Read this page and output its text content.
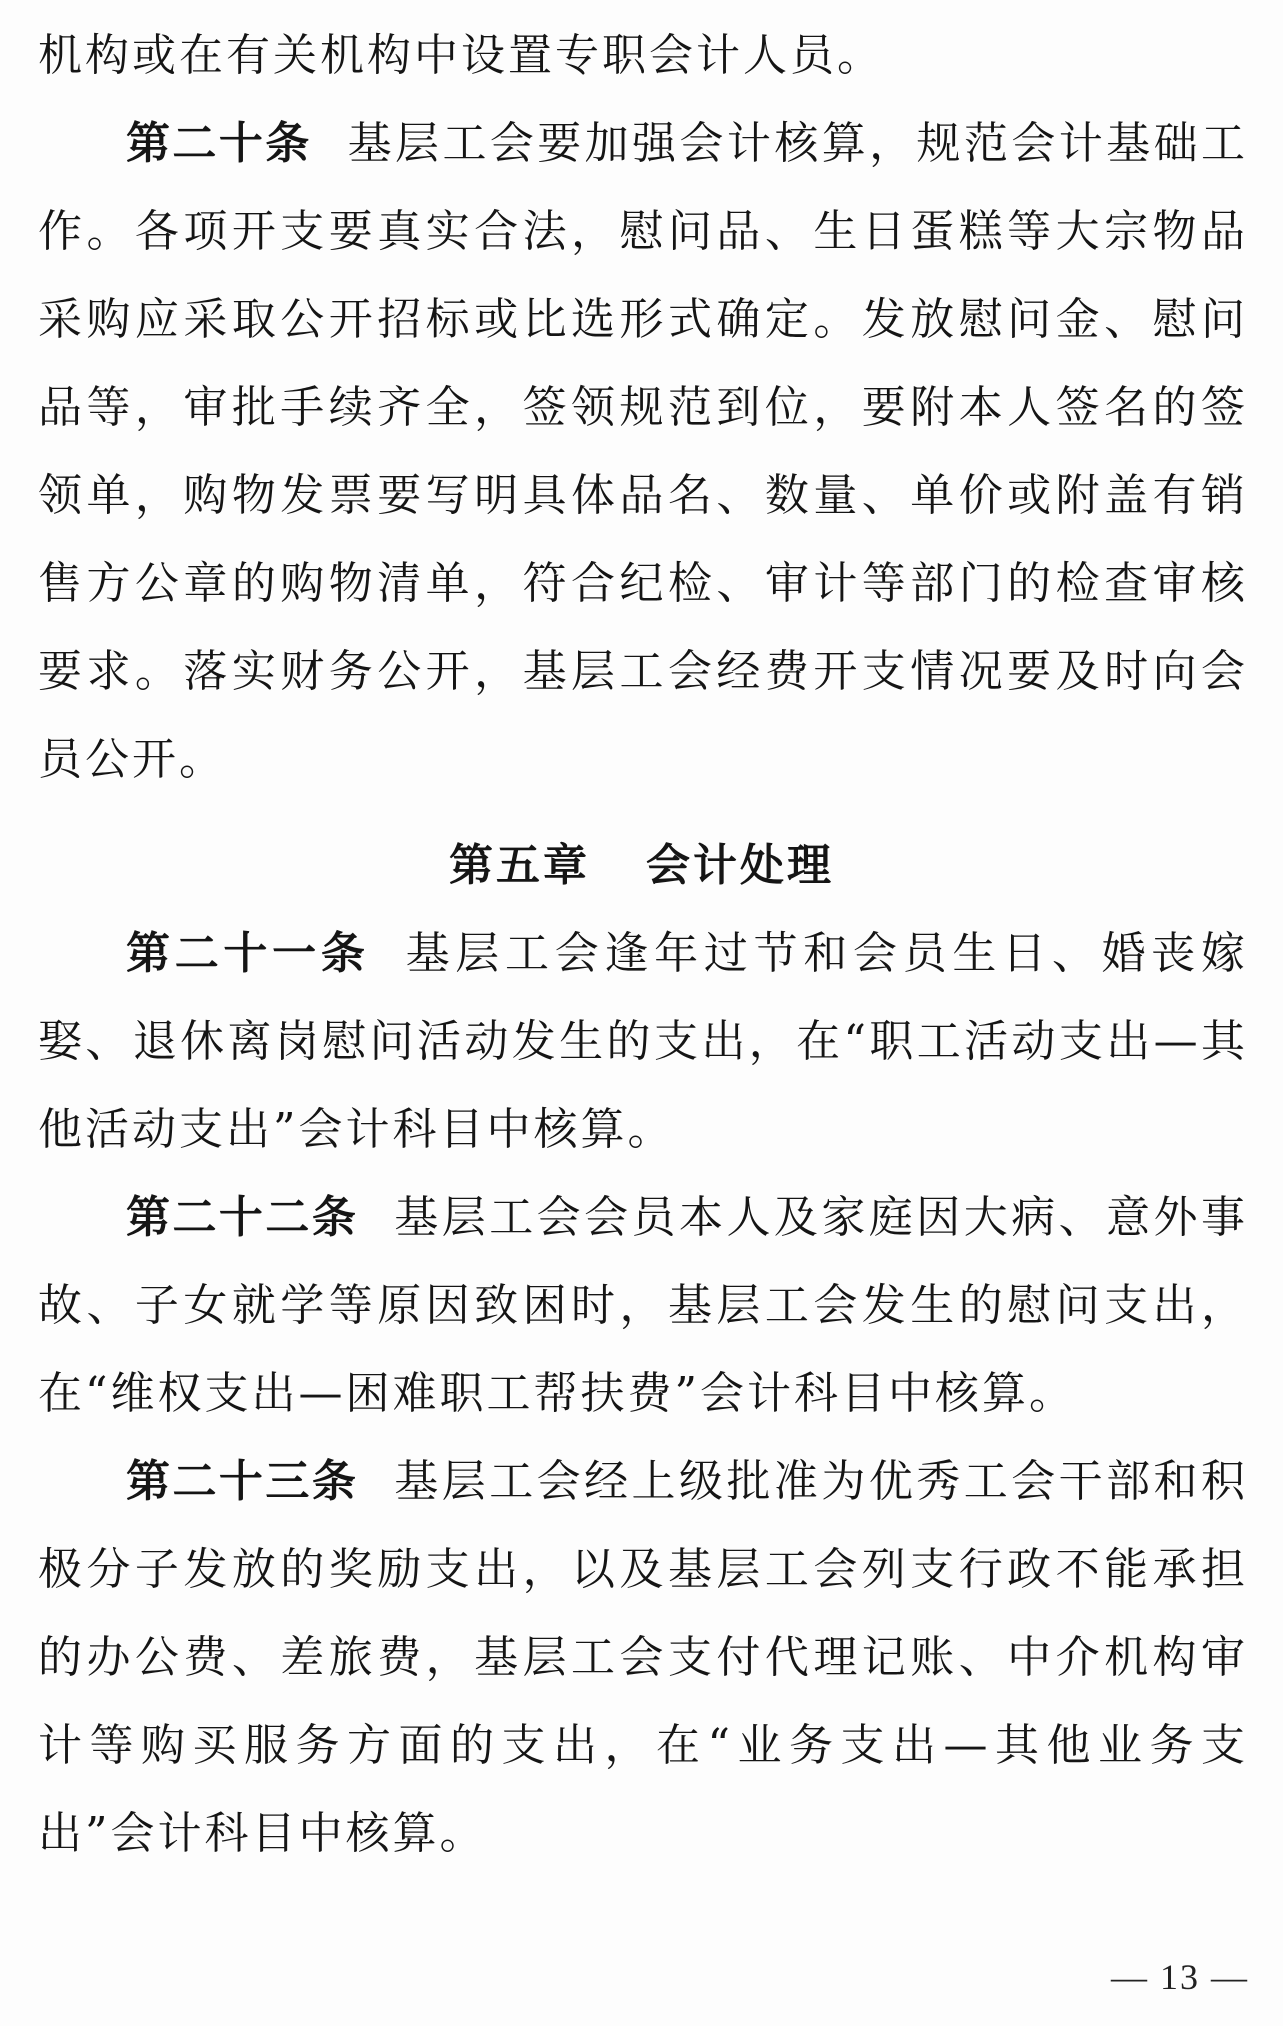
机构或在有关机构中设置专职会计人员。

第二十条 基层工会要加强会计核算，规范会计基础工作。各项开支要真实合法，慰问品、生日蛋糕等大宗物品采购应采取公开招标或比选形式确定。发放慰问金、慰问品等，审批手续齐全，签领规范到位，要附本人签名的签领单，购物发票要写明具体品名、数量、单价或附盖有销售方公章的购物清单，符合纪检、审计等部门的检查审核要求。落实财务公开，基层工会经费开支情况要及时向会员公开。

第五章 会计处理

第二十一条 基层工会逢年过节和会员生日、婚丧嫁娶、退休离岗慰问活动发生的支出，在“职工活动支出—其他活动支出”会计科目中核算。

第二十二条 基层工会会员本人及家庭因大病、意外事故、子女就学等原因致困时，基层工会发生的慰问支出，在“维权支出—困难职工帮扶费”会计科目中核算。

第二十三条 基层工会经上级批准为优秀工会干部和积极分子发放的奖励支出，以及基层工会列支行政不能承担的办公费、差旅费，基层工会支付代理记账、中介机构审计等购买服务方面的支出，在“业务支出—其他业务支出”会计科目中核算。

— 13 —
